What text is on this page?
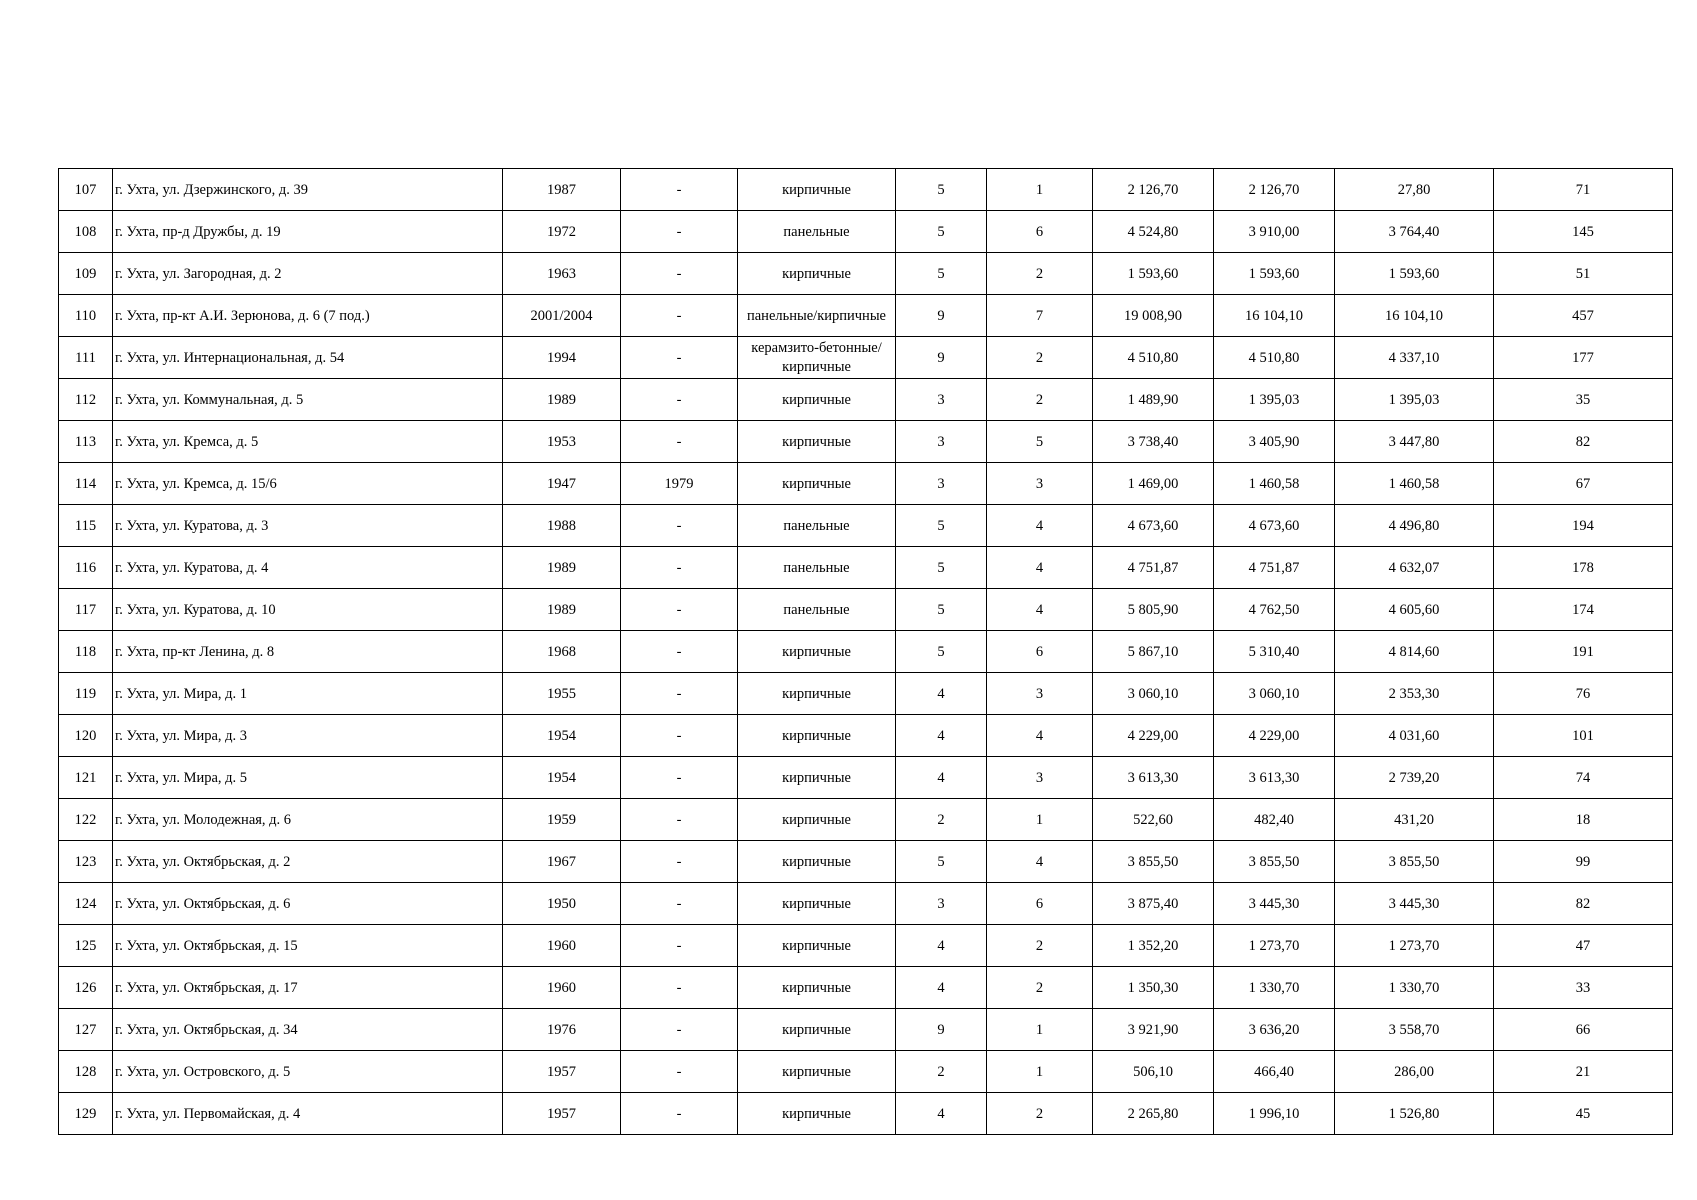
107	г. Ухта, ул. Дзержинского, д. 39	1987	-	кирпичные	5	1	2 126,70	2 126,70	27,80	71
108	г. Ухта, пр-д Дружбы, д. 19	1972	-	панельные	5	6	4 524,80	3 910,00	3 764,40	145
109	г. Ухта, ул. Загородная, д. 2	1963	-	кирпичные	5	2	1 593,60	1 593,60	1 593,60	51
110	г. Ухта, пр-кт А.И. Зерюнова, д. 6 (7 под.)	2001/2004	-	панельные/кирпичные	9	7	19 008,90	16 104,10	16 104,10	457
111	г. Ухта, ул. Интернациональная, д. 54	1994	-	керамзито-бетонные/кирпичные	9	2	4 510,80	4 510,80	4 337,10	177
112	г. Ухта, ул. Коммунальная, д. 5	1989	-	кирпичные	3	2	1 489,90	1 395,03	1 395,03	35
113	г. Ухта, ул. Кремса, д. 5	1953	-	кирпичные	3	5	3 738,40	3 405,90	3 447,80	82
114	г. Ухта, ул. Кремса, д. 15/6	1947	1979	кирпичные	3	3	1 469,00	1 460,58	1 460,58	67
115	г. Ухта, ул. Куратова, д. 3	1988	-	панельные	5	4	4 673,60	4 673,60	4 496,80	194
116	г. Ухта, ул. Куратова, д. 4	1989	-	панельные	5	4	4 751,87	4 751,87	4 632,07	178
117	г. Ухта, ул. Куратова, д. 10	1989	-	панельные	5	4	5 805,90	4 762,50	4 605,60	174
118	г. Ухта, пр-кт Ленина, д. 8	1968	-	кирпичные	5	6	5 867,10	5 310,40	4 814,60	191
119	г. Ухта, ул. Мира, д. 1	1955	-	кирпичные	4	3	3 060,10	3 060,10	2 353,30	76
120	г. Ухта, ул. Мира, д. 3	1954	-	кирпичные	4	4	4 229,00	4 229,00	4 031,60	101
121	г. Ухта, ул. Мира, д. 5	1954	-	кирпичные	4	3	3 613,30	3 613,30	2 739,20	74
122	г. Ухта, ул. Молодежная, д. 6	1959	-	кирпичные	2	1	522,60	482,40	431,20	18
123	г. Ухта, ул. Октябрьская, д. 2	1967	-	кирпичные	5	4	3 855,50	3 855,50	3 855,50	99
124	г. Ухта, ул. Октябрьская, д. 6	1950	-	кирпичные	3	6	3 875,40	3 445,30	3 445,30	82
125	г. Ухта, ул. Октябрьская, д. 15	1960	-	кирпичные	4	2	1 352,20	1 273,70	1 273,70	47
126	г. Ухта, ул. Октябрьская, д. 17	1960	-	кирпичные	4	2	1 350,30	1 330,70	1 330,70	33
127	г. Ухта, ул. Октябрьская, д. 34	1976	-	кирпичные	9	1	3 921,90	3 636,20	3 558,70	66
128	г. Ухта, ул. Островского, д. 5	1957	-	кирпичные	2	1	506,10	466,40	286,00	21
129	г. Ухта, ул. Первомайская, д. 4	1957	-	кирпичные	4	2	2 265,80	1 996,10	1 526,80	45
